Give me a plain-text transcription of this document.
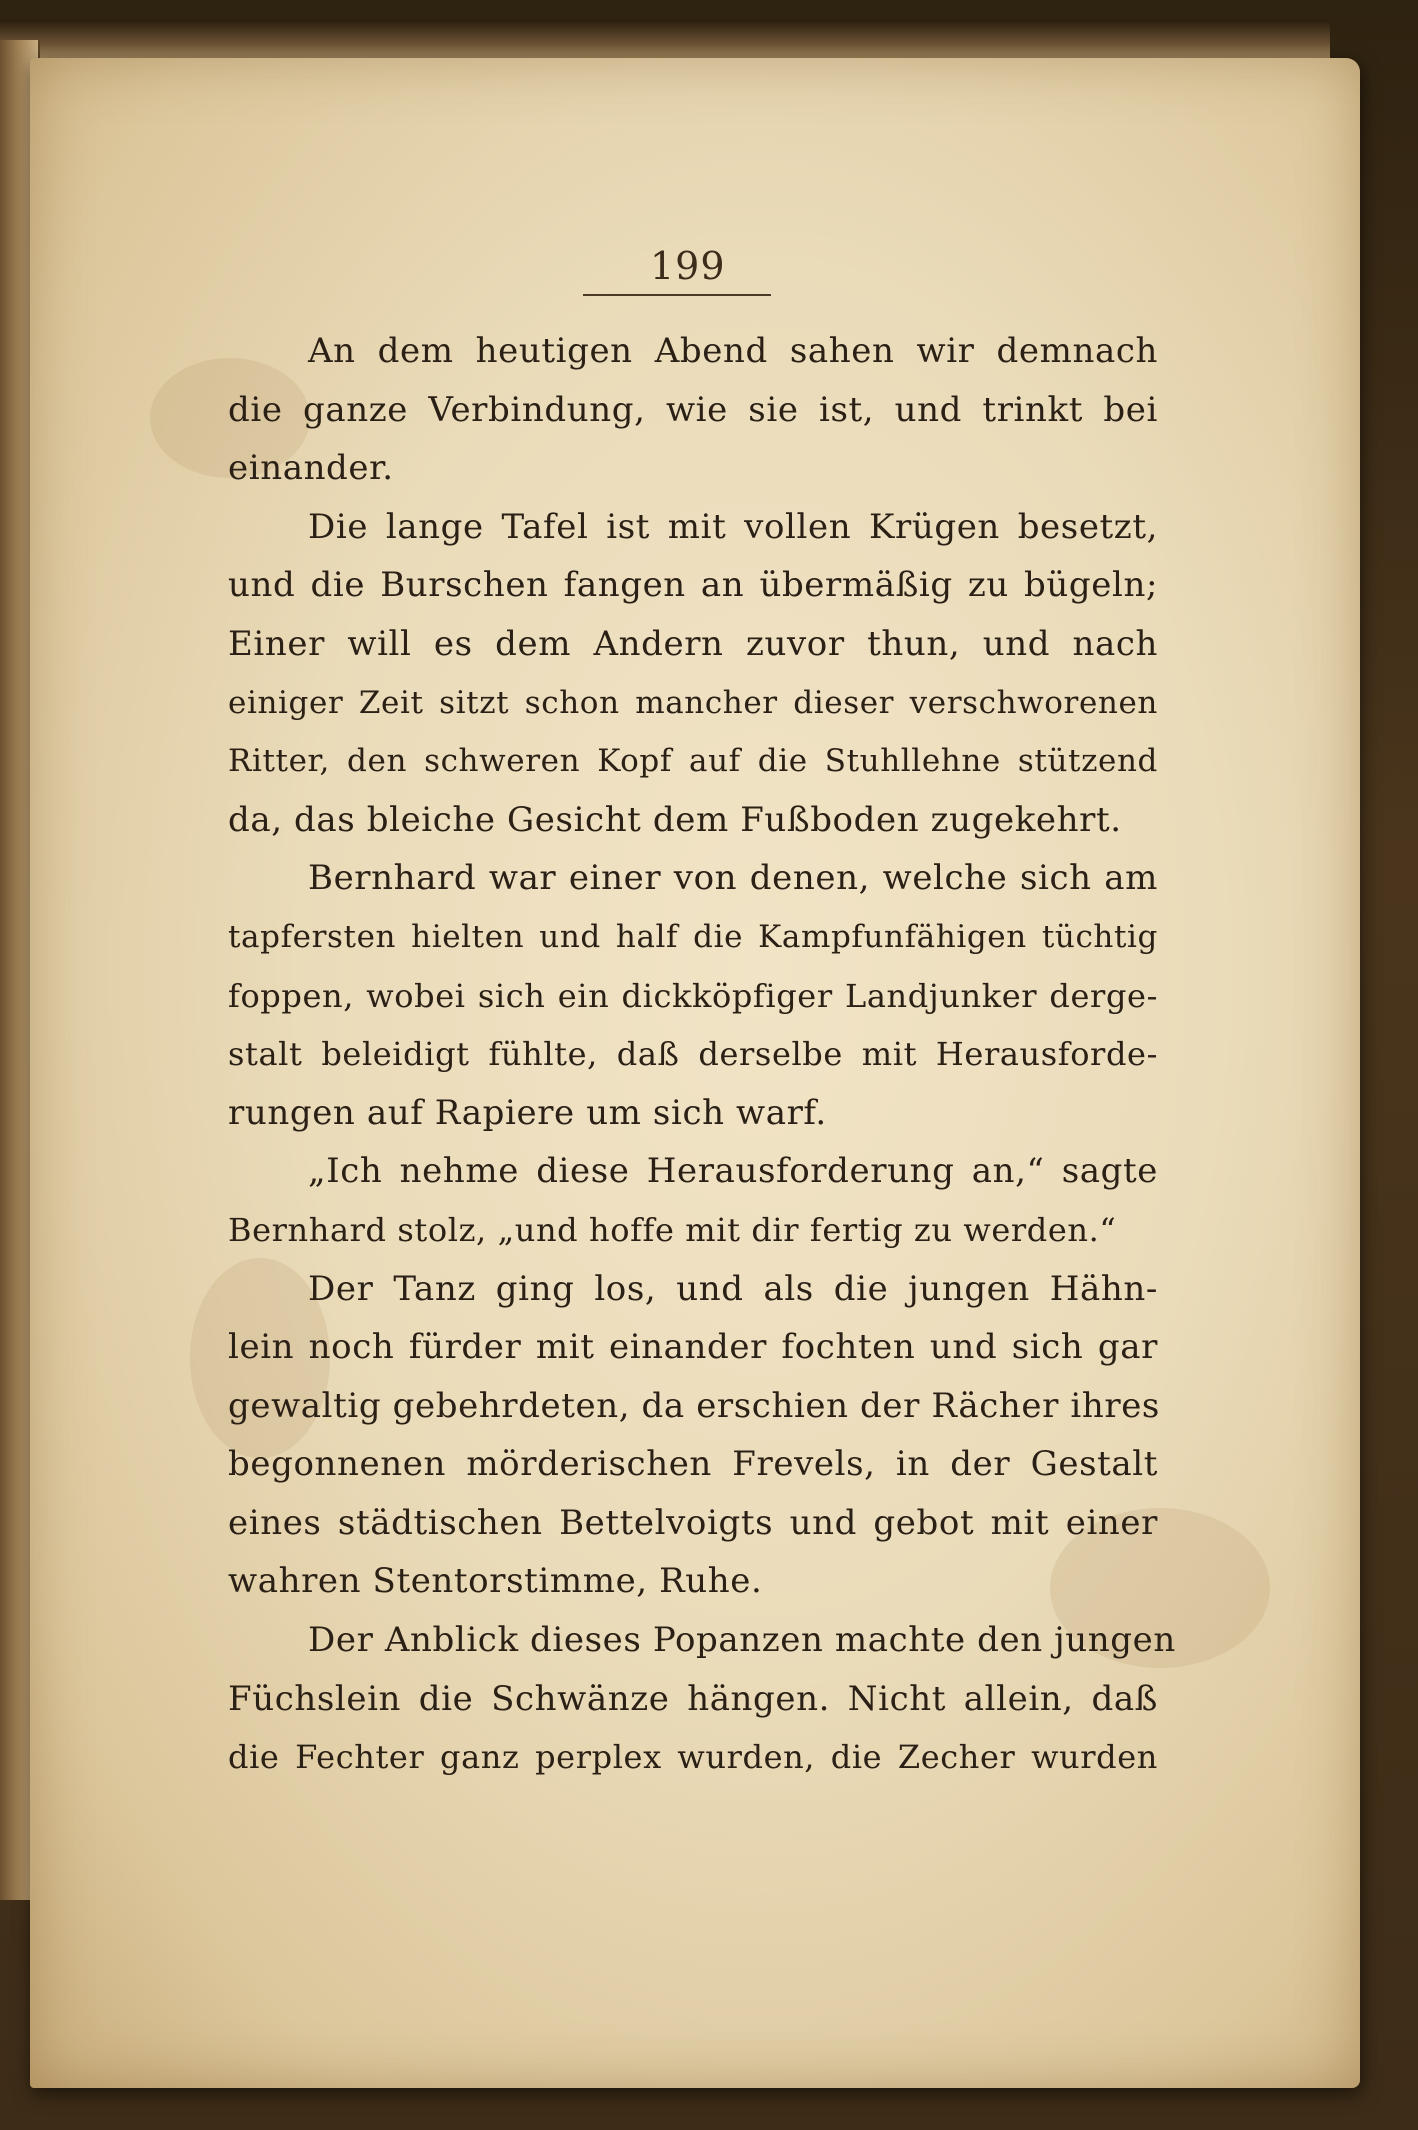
199
An dem heutigen Abend sahen wir demnach
die ganze Verbindung, wie sie ist, und trinkt bei
einander.
Die lange Tafel ist mit vollen Krügen besetzt,
und die Burschen fangen an übermäßig zu bügeln;
Einer will es dem Andern zuvor thun, und nach
einiger Zeit sitzt schon mancher dieser verschworenen
Ritter, den schweren Kopf auf die Stuhllehne stützend
da, das bleiche Gesicht dem Fußboden zugekehrt.
Bernhard war einer von denen, welche sich am
tapfersten hielten und half die Kampfunfähigen tüchtig
foppen, wobei sich ein dickköpfiger Landjunker derge-
stalt beleidigt fühlte, daß derselbe mit Herausforde-
rungen auf Rapiere um sich warf.
„Ich nehme diese Herausforderung an,“ sagte
Bernhard stolz, „und hoffe mit dir fertig zu werden.“
Der Tanz ging los, und als die jungen Hähn-
lein noch fürder mit einander fochten und sich gar
gewaltig gebehrdeten, da erschien der Rächer ihres
begonnenen mörderischen Frevels, in der Gestalt
eines städtischen Bettelvoigts und gebot mit einer
wahren Stentorstimme, Ruhe.
Der Anblick dieses Popanzen machte den jungen
Füchslein die Schwänze hängen. Nicht allein, daß
die Fechter ganz perplex wurden, die Zecher wurden
